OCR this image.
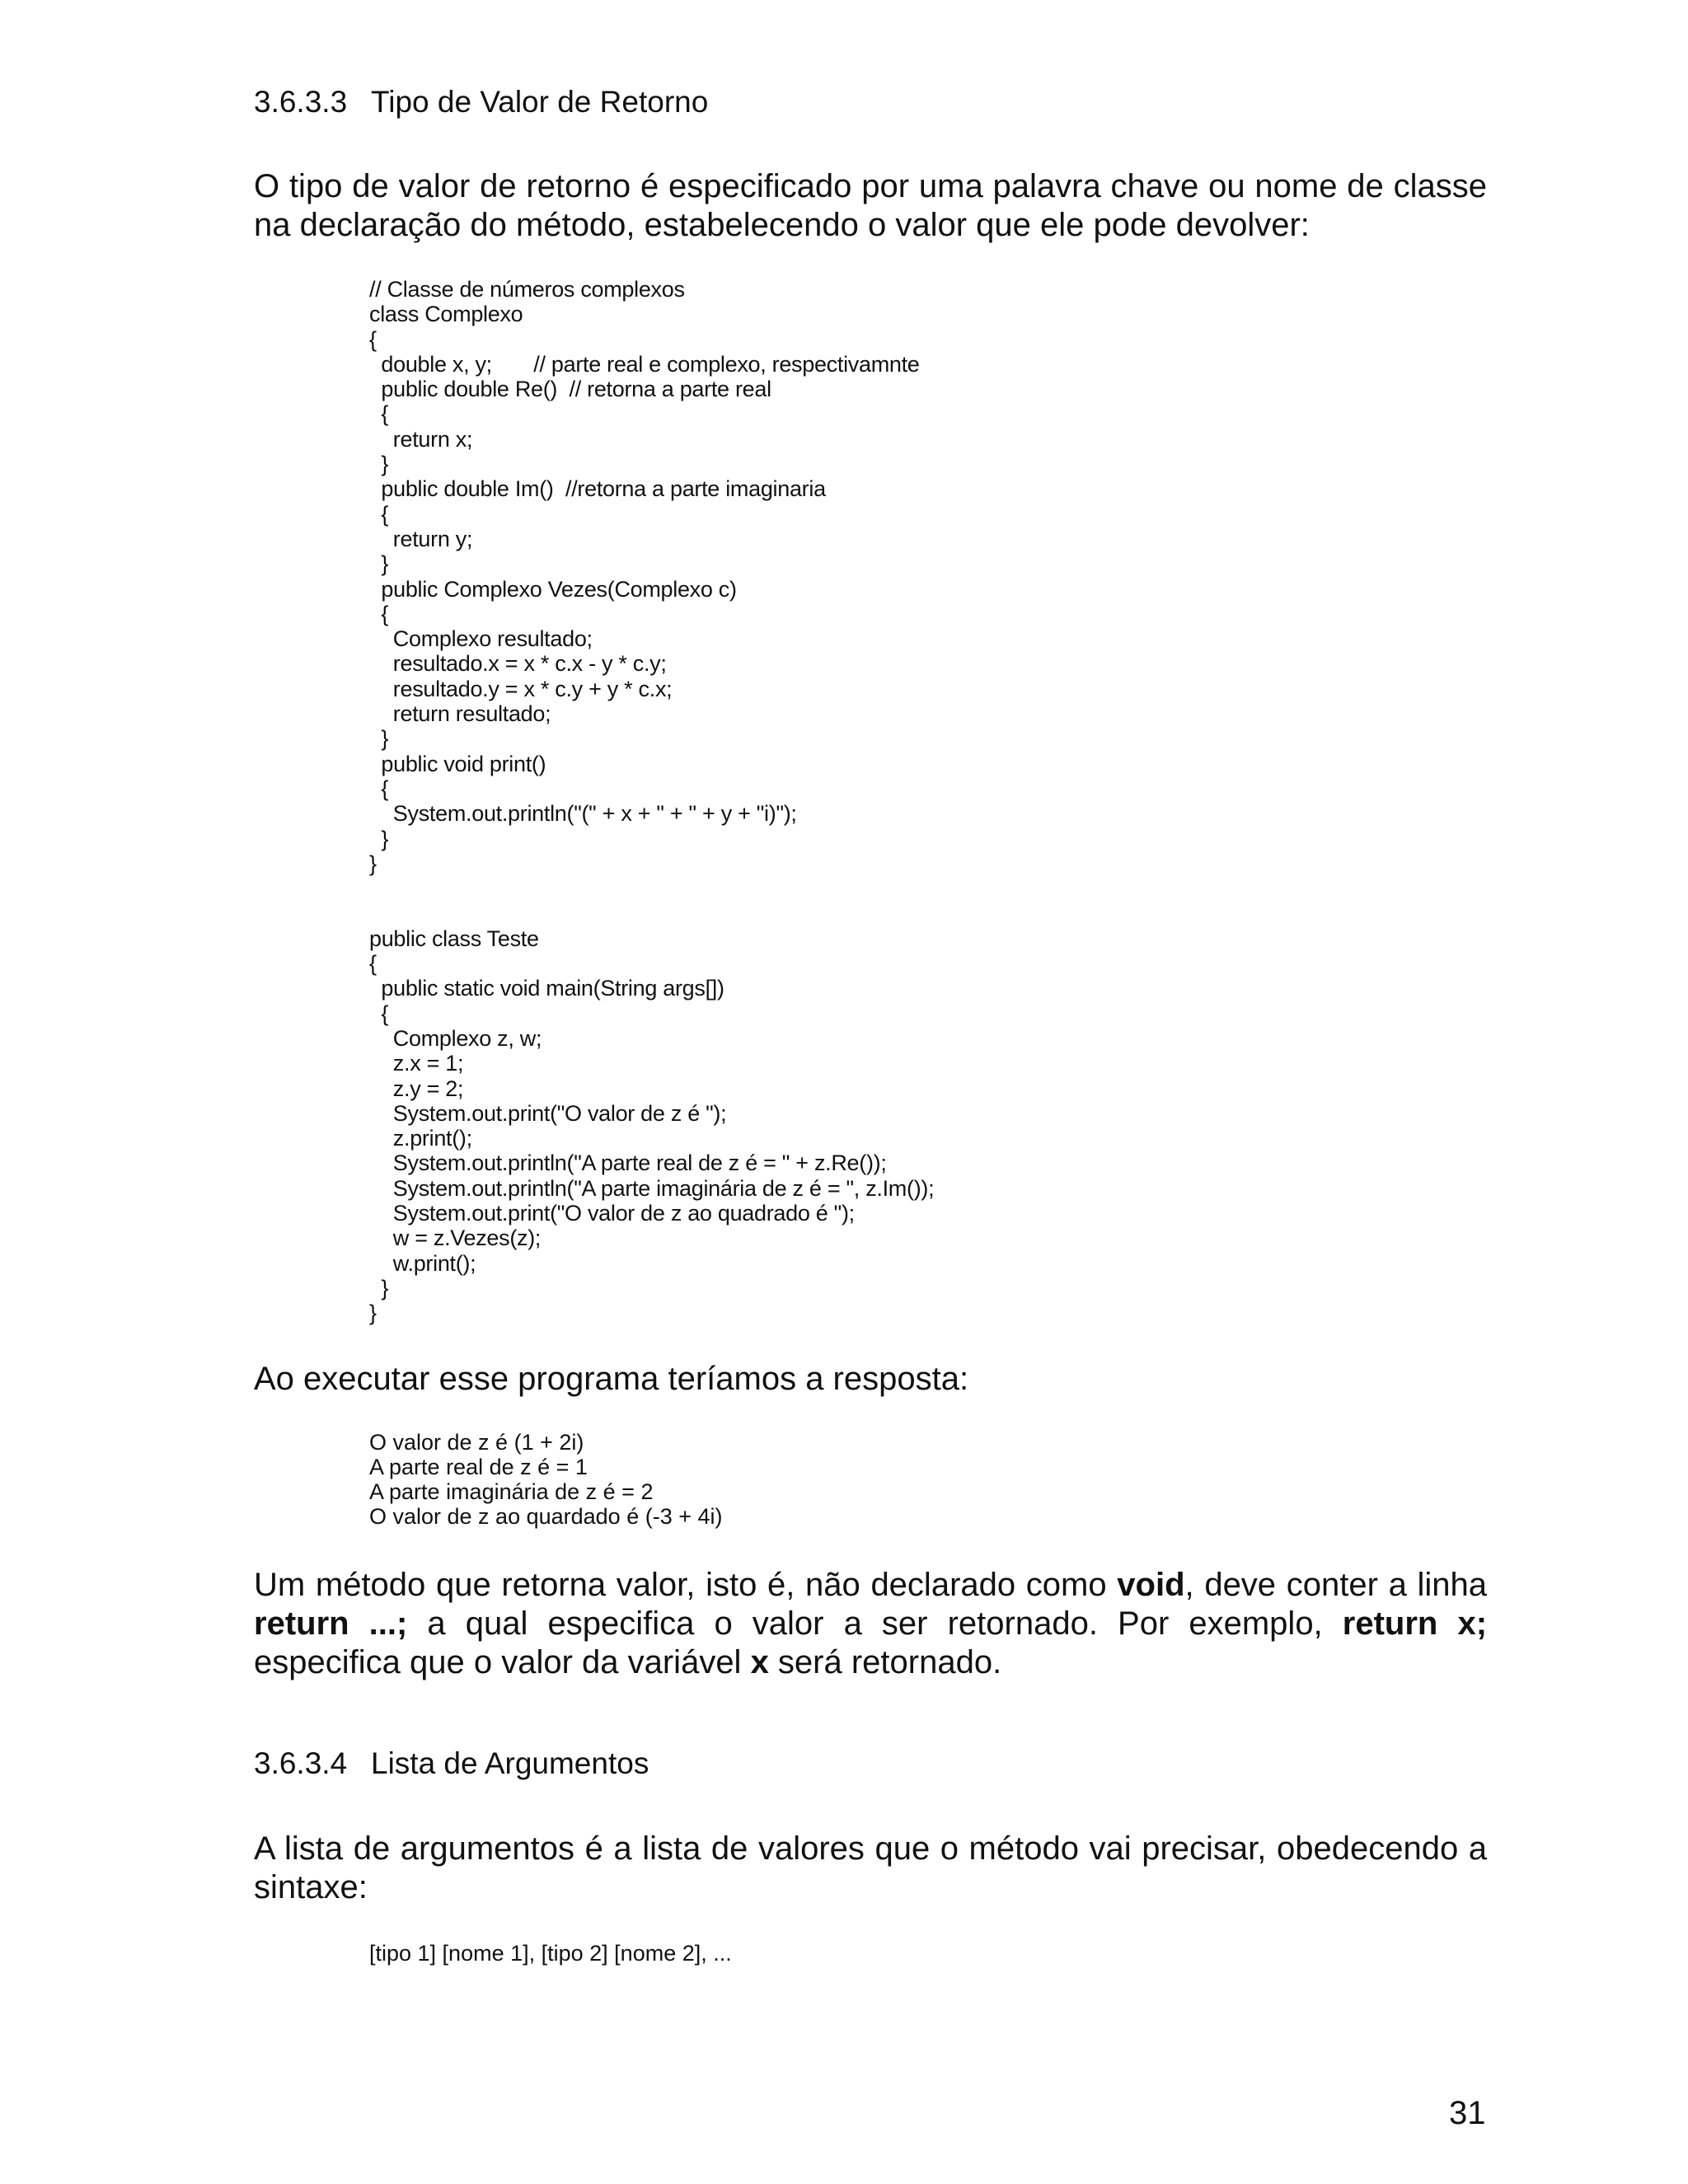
3.6.3.3 Tipo de Valor de Retorno
O tipo de valor de retorno é especificado por uma palavra chave ou nome de classe na declaração do método, estabelecendo o valor que ele pode devolver:
// Classe de números complexos
class Complexo
{
double x, y;       // parte real e complexo, respectivamnte
public double Re()  // retorna a parte real
{
return x;
}
public double Im()  //retorna a parte imaginaria
{
return y;
}
public Complexo Vezes(Complexo c)
{
Complexo resultado;
resultado.x = x * c.x - y * c.y;
resultado.y = x * c.y + y * c.x;
return resultado;
}
public void print()
{
System.out.println("(" + x + " + " + y + "i)");
}
}
public class Teste
{
public static void main(String args[])
{
Complexo z, w;
z.x = 1;
z.y = 2;
System.out.print("O valor de z é ");
z.print();
System.out.println("A parte real de z é = " + z.Re());
System.out.println("A parte imaginária de z é = ", z.Im());
System.out.print("O valor de z ao quadrado é ");
w = z.Vezes(z);
w.print();
}
}
Ao executar esse programa teríamos a resposta:
O valor de z é (1 + 2i)
A parte real de z é = 1
A parte imaginária de z é = 2
O valor de z ao quardado é (-3 + 4i)
Um método que retorna valor, isto é, não declarado como void, deve conter a linha return ...; a qual especifica o valor a ser retornado. Por exemplo, return x; especifica que o valor da variável x será retornado.
3.6.3.4 Lista de Argumentos
A lista de argumentos é a lista de valores que o método vai precisar, obedecendo a sintaxe:
[tipo 1] [nome 1], [tipo 2] [nome 2], ...
31
